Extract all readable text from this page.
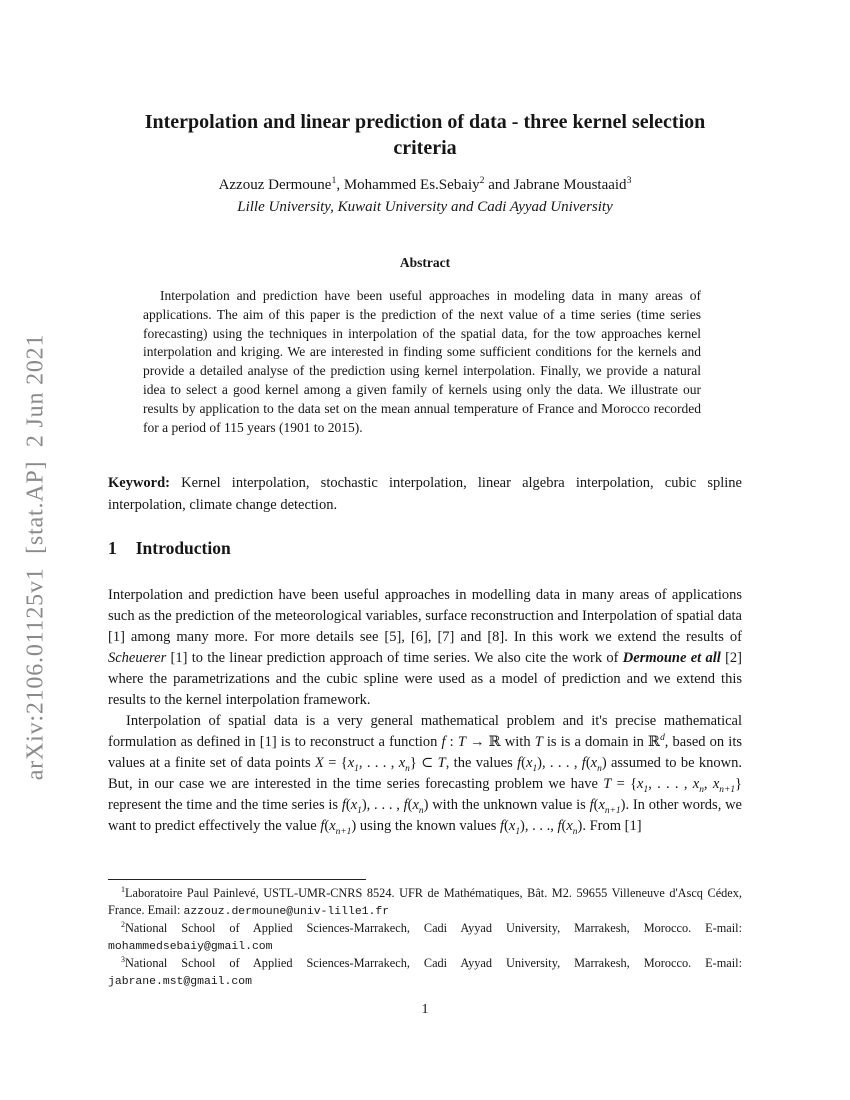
arXiv:2106.01125v1  [stat.AP]  2 Jun 2021
Interpolation and linear prediction of data - three kernel selection criteria
Azzouz Dermoune$^1$, Mohammed Es.Sebaiy$^2$ and Jabrane Moustaaid$^3$
Lille University, Kuwait University and Cadi Ayyad University
Abstract
Interpolation and prediction have been useful approaches in modeling data in many areas of applications. The aim of this paper is the prediction of the next value of a time series (time series forecasting) using the techniques in interpolation of the spatial data, for the tow approaches kernel interpolation and kriging. We are interested in finding some sufficient conditions for the kernels and provide a detailed analyse of the prediction using kernel interpolation. Finally, we provide a natural idea to select a good kernel among a given family of kernels using only the data. We illustrate our results by application to the data set on the mean annual temperature of France and Morocco recorded for a period of 115 years (1901 to 2015).
Keyword: Kernel interpolation, stochastic interpolation, linear algebra interpolation, cubic spline interpolation, climate change detection.
1 Introduction

Interpolation and prediction have been useful approaches in modelling data in many areas of applications such as the prediction of the meteorological variables, surface reconstruction and Interpolation of spatial data [1] among many more. For more details see [5], [6], [7] and [8]. In this work we extend the results of Scheuerer [1] to the linear prediction approach of time series. We also cite the work of Dermoune et all [2] where the parametrizations and the cubic spline were used as a model of prediction and we extend this results to the kernel interpolation framework.

Interpolation of spatial data is a very general mathematical problem and it's precise mathematical formulation as defined in [1] is to reconstruct a function f : T → ℝ with T is is a domain in ℝ$^d$, based on its values at a finite set of data points $X = \{x_1$, . . . , $x_n$} ⊂ T, the values $f(x_1)$, . . . , $f(x_n)$ assumed to be known. But, in our case we are interested in the time series forecasting problem we have $T = \{x_1$, . . . , $x_n$, $x_{n+1}$} represent the time and the time series is $f(x_1)$, . . . , $f(x_n)$ with the unknown value is $f(x_{n+1})$. In other words, we want to predict effectively the value $f(x_{n+1})$ using the known values $f(x_1)$, . . ., $f(x_n)$. From [1]

$^1$Laboratoire Paul Painlevé, USTL-UMR-CNRS 8524. UFR de Mathématiques, Bât. M2. 59655 Villeneuve d'Ascq Cédex, France. Email: azzouz.dermoune@univ-lille1.fr

$^2$National School of Applied Sciences-Marrakech, Cadi Ayyad University, Marrakesh, Morocco. E-mail: mohammedsebaiy@gmail.com

$^3$National School of Applied Sciences-Marrakech, Cadi Ayyad University, Marrakesh, Morocco. E-mail: jabrane.mst@gmail.com

1
